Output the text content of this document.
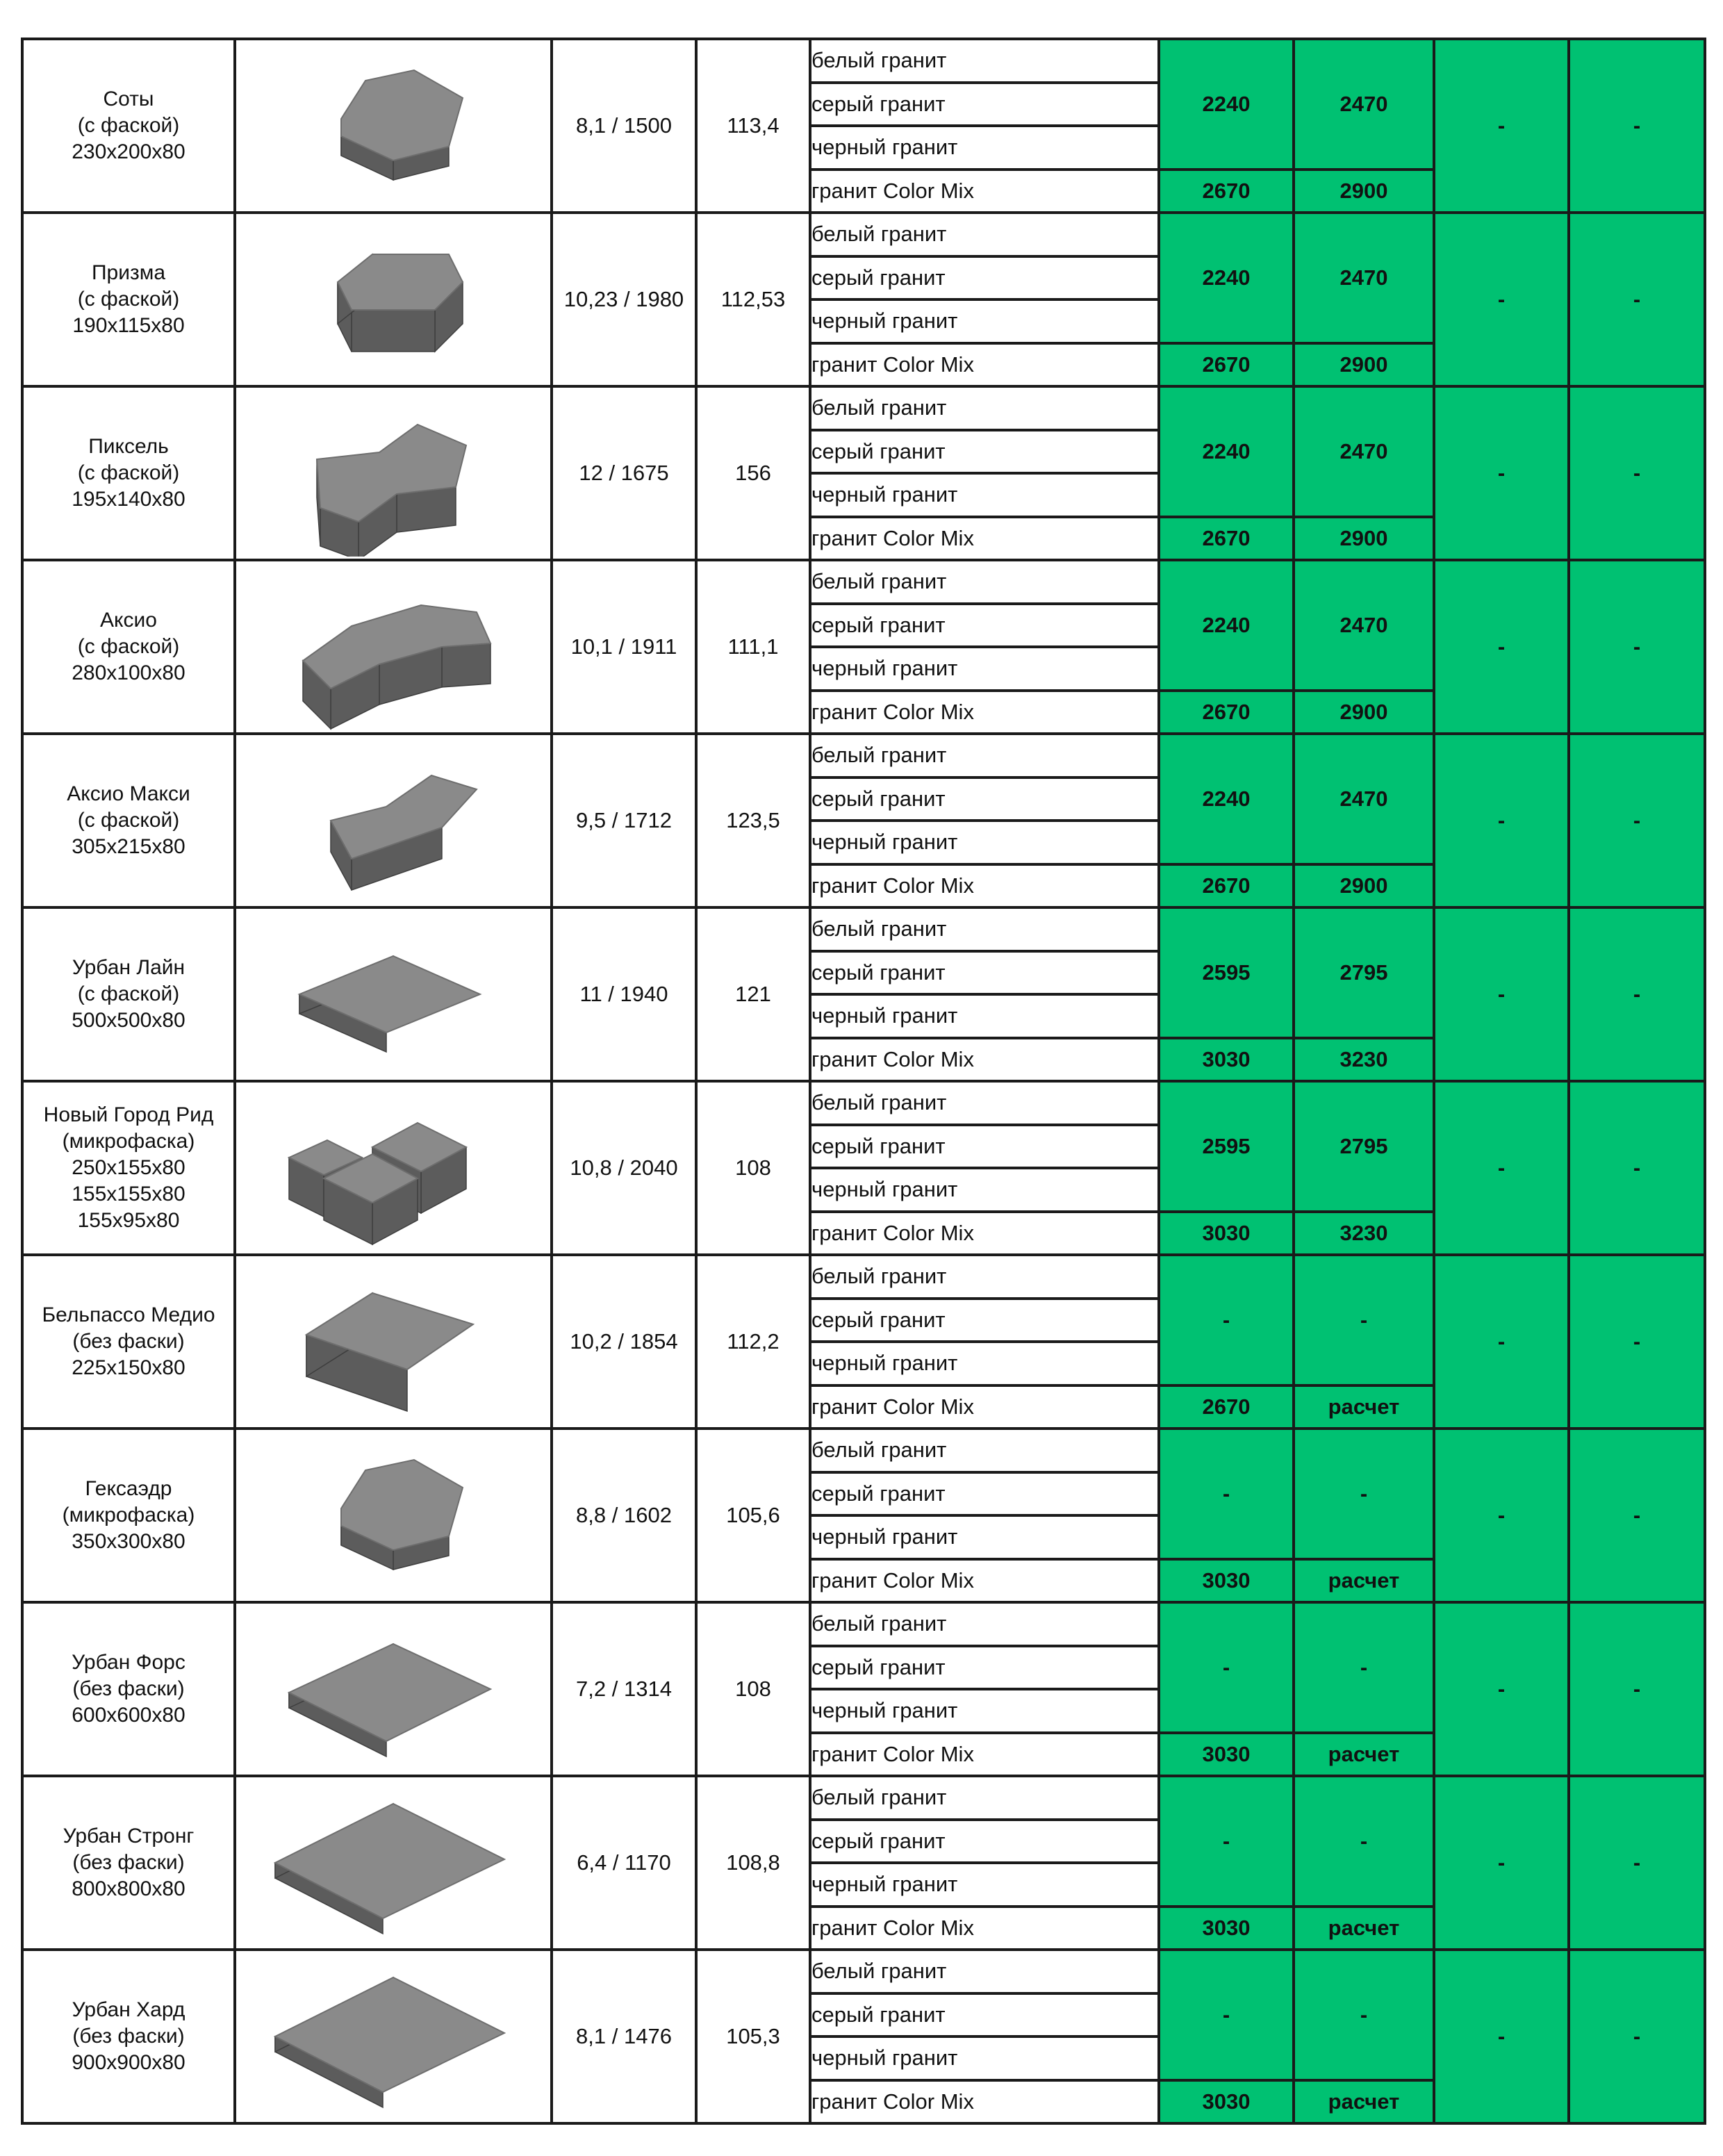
Соты
(с фаской)
230x200x80		8,1 / 1500	113,4	белый гранит	2240	2470	-	-
				серый гранит				
				черный гранит				
				гранит Color Mix	2670	2900		

Призма
(с фаской)
190x115x80		10,23 / 1980	112,53	белый гранит	2240	2470	-	-
				серый гранит				
				черный гранит				
				гранит Color Mix	2670	2900		

Пиксель
(с фаской)
195x140x80		12 / 1675	156	белый гранит	2240	2470	-	-
				серый гранит				
				черный гранит				
				гранит Color Mix	2670	2900		

Аксио
(с фаской)
280x100x80		10,1 / 1911	111,1	белый гранит	2240	2470	-	-
				серый гранит				
				черный гранит				
				гранит Color Mix	2670	2900		

Аксио Макси
(с фаской)
305x215x80		9,5 / 1712	123,5	белый гранит	2240	2470	-	-
				серый гранит				
				черный гранит				
				гранит Color Mix	2670	2900		

Урбан Лайн
(с фаской)
500x500x80		11 / 1940	121	белый гранит	2595	2795	-	-
				серый гранит				
				черный гранит				
				гранит Color Mix	3030	3230		

Новый Город Рид
(микрофаска)
250x155x80
155x155x80
155x95x80		10,8 / 2040	108	белый гранит	2595	2795	-	-
				серый гранит				
				черный гранит				
				гранит Color Mix	3030	3230		

Бельпассо Медио
(без фаски)
225x150x80		10,2 / 1854	112,2	белый гранит	-	-	-	-
				серый гранит				
				черный гранит				
				гранит Color Mix	2670	расчет		

Гексаэдр
(микрофаска)
350x300x80		8,8 / 1602	105,6	белый гранит	-	-	-	-
				серый гранит				
				черный гранит				
				гранит Color Mix	3030	расчет		

Урбан Форс
(без фаски)
600x600x80		7,2 / 1314	108	белый гранит	-	-	-	-
				серый гранит				
				черный гранит				
				гранит Color Mix	3030	расчет		

Урбан Стронг
(без фаски)
800x800x80		6,4 / 1170	108,8	белый гранит	-	-	-	-
				серый гранит				
				черный гранит				
				гранит Color Mix	3030	расчет		

Урбан Хард
(без фаски)
900x900x80		8,1 / 1476	105,3	белый гранит	-	-	-	-
				серый гранит				
				черный гранит				
				гранит Color Mix	3030	расчет		
